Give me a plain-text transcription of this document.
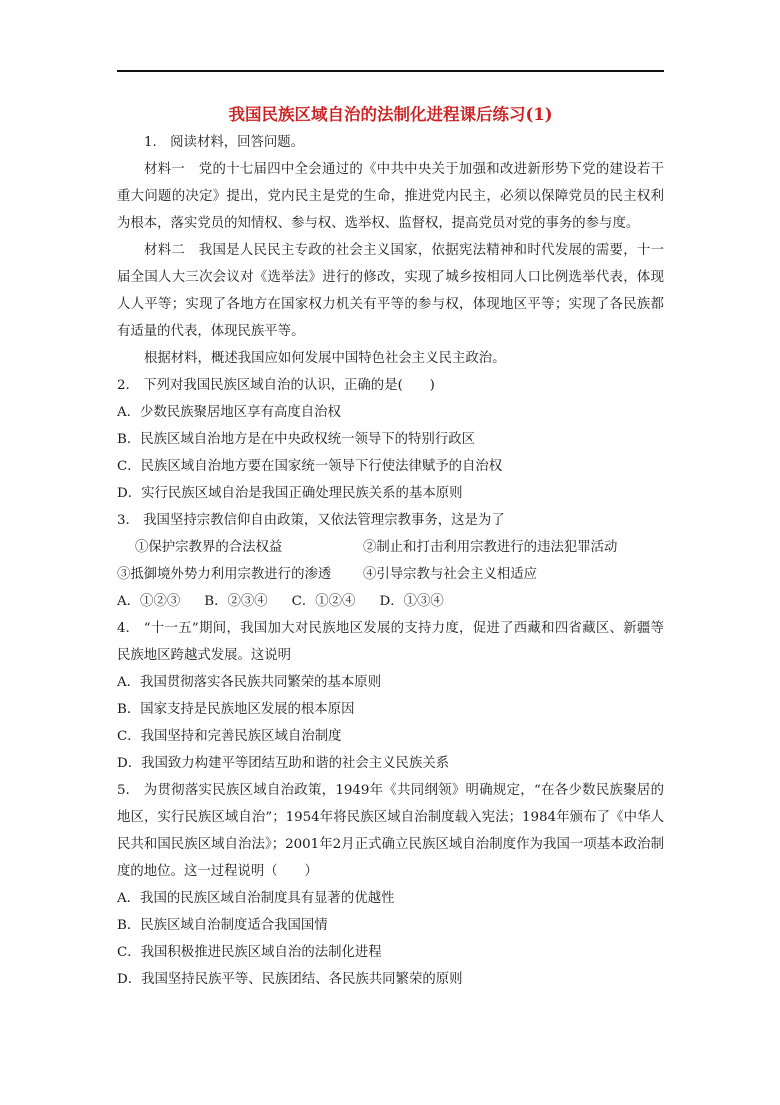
我国民族区域自治的法制化进程课后练习(1)

1.　阅读材料，回答问题。

材料一　党的十七届四中全会通过的《中共中央关于加强和改进新形势下党的建设若干重大问题的决定》提出，党内民主是党的生命，推进党内民主，必须以保障党员的民主权利为根本，落实党员的知情权、参与权、选举权、监督权，提高党员对党的事务的参与度。

材料二　我国是人民民主专政的社会主义国家，依据宪法精神和时代发展的需要，十一届全国人大三次会议对《选举法》进行的修改，实现了城乡按相同人口比例选举代表，体现人人平等；实现了各地方在国家权力机关有平等的参与权，体现地区平等；实现了各民族都有适量的代表，体现民族平等。

根据材料，概述我国应如何发展中国特色社会主义民主政治。

2.　下列对我国民族区域自治的认识，正确的是(　　)

A．少数民族聚居地区享有高度自治权

B．民族区域自治地方是在中央政权统一领导下的特别行政区

C．民族区域自治地方要在国家统一领导下行使法律赋予的自治权

D．实行民族区域自治是我国正确处理民族关系的基本原则

3.　我国坚持宗教信仰自由政策，又依法管理宗教事务，这是为了

①保护宗教界的合法权益	②制止和打击利用宗教进行的违法犯罪活动

③抵御境外势力利用宗教进行的渗透	④引导宗教与社会主义相适应

A．①②③ B．②③④ C．①②④ D．①③④

4.　“十一五”期间，我国加大对民族地区发展的支持力度，促进了西藏和四省藏区、新疆等民族地区跨越式发展。这说明

A．我国贯彻落实各民族共同繁荣的基本原则

B．国家支持是民族地区发展的根本原因

C．我国坚持和完善民族区域自治制度

D．我国致力构建平等团结互助和谐的社会主义民族关系

5.　为贯彻落实民族区域自治政策，1949年《共同纲领》明确规定，“在各少数民族聚居的地区，实行民族区域自治”；1954年将民族区域自治制度载入宪法；1984年颁布了《中华人民共和国民族区域自治法》；2001年2月正式确立民族区域自治制度作为我国一项基本政治制度的地位。这一过程说明（　　）

A．我国的民族区域自治制度具有显著的优越性

B．民族区域自治制度适合我国国情

C．我国积极推进民族区域自治的法制化进程

D．我国坚持民族平等、民族团结、各民族共同繁荣的原则
